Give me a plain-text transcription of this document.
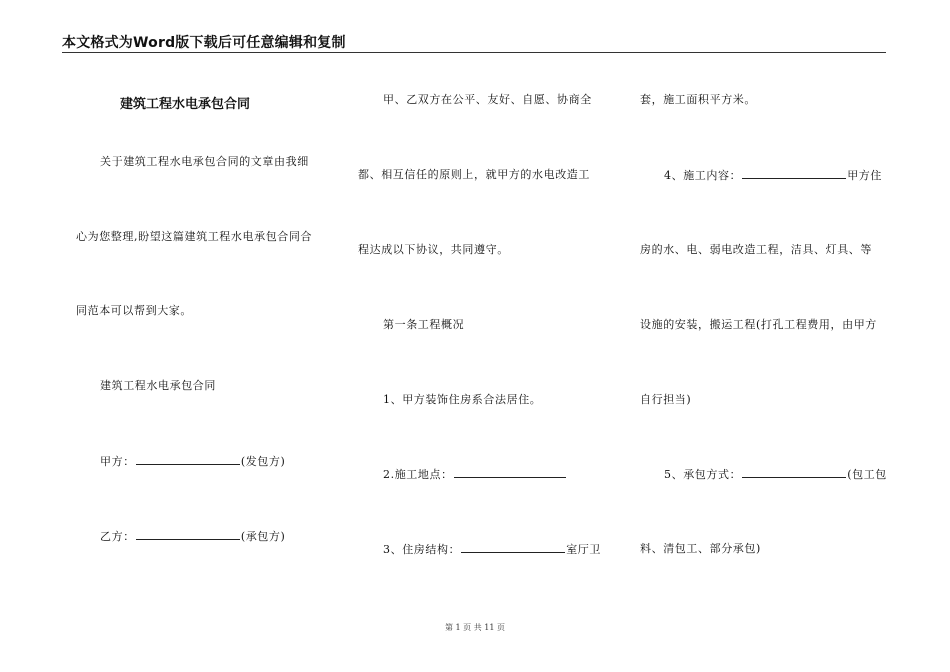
本文格式为Word版下载后可任意编辑和复制
建筑工程水电承包合同
关于建筑工程水电承包合同的文章由我细
心为您整理,盼望这篇建筑工程水电承包合同合
同范本可以帮到大家。
建筑工程水电承包合同
甲方：	(发包方)
乙方：	(承包方)
甲、乙双方在公平、友好、自愿、协商全
都、相互信任的原则上，就甲方的水电改造工
程达成以下协议，共同遵守。
第一条工程概况
1、甲方装饰住房系合法居住。
2.施工地点：
3、住房结构：	室厅卫
套，施工面积平方米。
4、施工内容：	甲方住
房的水、电、弱电改造工程，洁具、灯具、等
设施的安装，搬运工程(打孔工程费用，由甲方
自行担当)
5、承包方式：	(包工包
料、清包工、部分承包)
第 1 页 共 11 页
